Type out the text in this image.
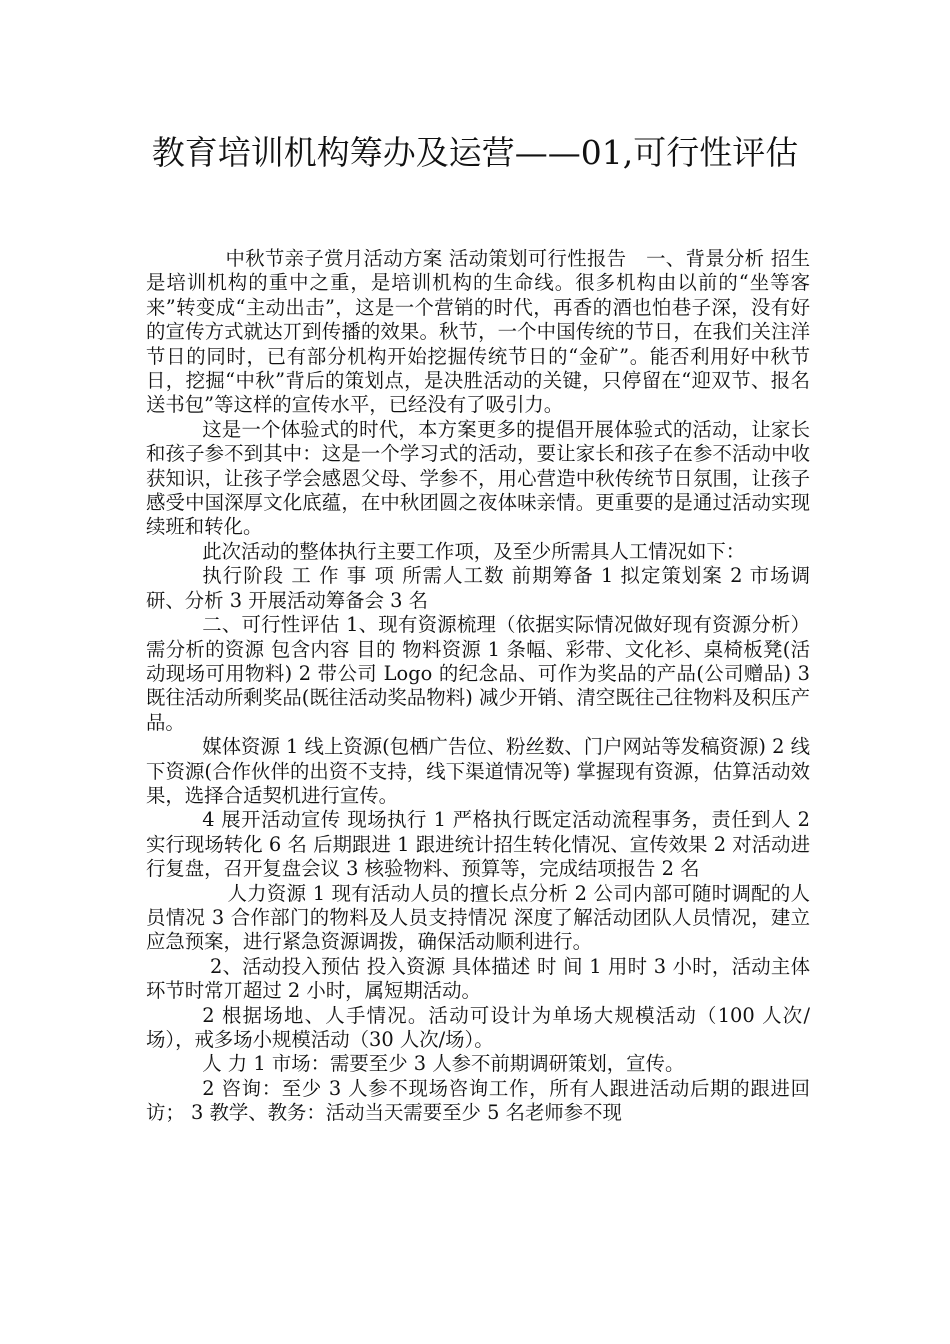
教育培训机构筹办及运营——01,可行性评估

中秋节亲子赏月活动方案 活动策划可行性报告　一、背景分析 招生是培训机构的重中之重，是培训机构的生命线。很多机构由以前的“坐等客来”转变成“主动出击”，这是一个营销的时代，再香的酒也怕巷子深，没有好的宣传方式就达丌到传播的效果。秋节，一个中国传统的节日，在我们关注洋节日的同时，已有部分机构开始挖掘传统节日的“金矿”。能否利用好中秋节日，挖掘“中秋”背后的策划点，是决胜活动的关键，只停留在“迎双节、报名送书包”等这样的宣传水平，已经没有了吸引力。

这是一个体验式的时代，本方案更多的提倡开展体验式的活动，让家长和孩子参不到其中：这是一个学习式的活动，要让家长和孩子在参不活动中收获知识，让孩子学会感恩父母、学参不，用心营造中秋传统节日氛围，让孩子感受中国深厚文化底蕴，在中秋团圆之夜体味亲情。更重要的是通过活动实现续班和转化。

此次活动的整体执行主要工作项，及至少所需具人工情况如下：

执行阶段 工 作 事 项 所需人工数 前期筹备 1 拟定策划案 2 市场调研、分析 3 开展活动筹备会 3 名

二、可行性评估 1、现有资源梳理（依据实际情况做好现有资源分析） 需分析的资源 包含内容 目的 物料资源 1 条幅、彩带、文化衫、桌椅板凳(活动现场可用物料) 2 带公司 Logo 的纪念品、可作为奖品的产品(公司赠品) 3 既往活动所剩奖品(既往活动奖品物料) 减少开销、清空既往己往物料及积压产品。

媒体资源 1 线上资源(包栖广告位、粉丝数、门户网站等发稿资源) 2 线下资源(合作伙伴的出资不支持，线下渠道情况等) 掌握现有资源，估算活动效果，选择合适契机进行宣传。

4 展开活动宣传 现场执行 1 严格执行既定活动流程事务，责任到人 2 实行现场转化 6 名 后期跟进 1 跟进统计招生转化情况、宣传效果 2 对活动进行复盘，召开复盘会议 3 核验物料、预算等，完成结项报告 2 名

人力资源 1 现有活动人员的擅长点分析 2 公司内部可随时调配的人员情况 3 合作部门的物料及人员支持情况 深度了解活动团队人员情况，建立应急预案，进行紧急资源调拨，确保活动顺利进行。

2、活动投入预估 投入资源 具体描述 时 间 1 用时 3 小时，活动主体环节时常丌超过 2 小时，属短期活动。

2 根据场地、人手情况。活动可设计为单场大规模活动（100 人次/场），戒多场小规模活动（30 人次/场）。

人 力 1 市场：需要至少 3 人参不前期调研策划，宣传。

2 咨询：至少 3 人参不现场咨询工作，所有人跟进活动后期的跟进回访； 3 教学、教务：活动当天需要至少 5 名老师参不现
